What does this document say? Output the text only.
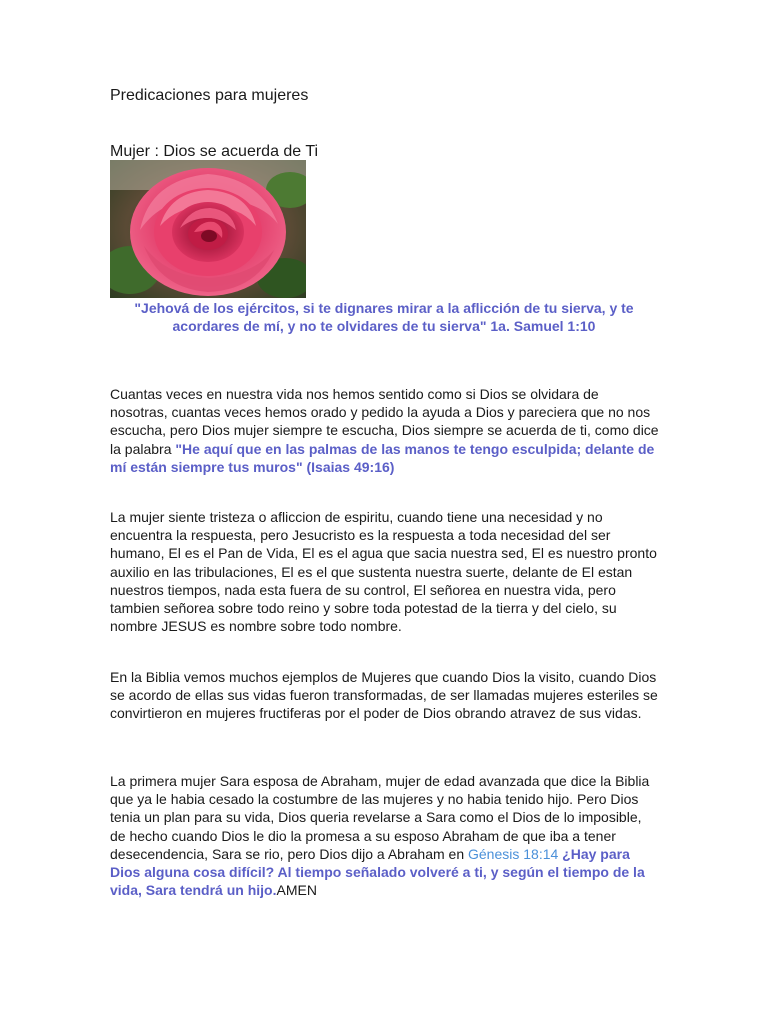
Predicaciones para mujeres
Mujer : Dios se acuerda de Ti
"Jehová de los ejércitos, si te dignares mirar a la aflicción de tu sierva, y te acordares de mí, y no te olvidares de tu sierva" 1a. Samuel 1:10
Cuantas veces en nuestra vida nos hemos sentido como si Dios se olvidara de nosotras, cuantas veces hemos orado y pedido la ayuda a Dios y pareciera que no nos escucha, pero Dios mujer siempre te escucha, Dios siempre se acuerda de ti, como dice la palabra "He aquí que en las palmas de las manos te tengo esculpida; delante de mí están siempre tus muros" (Isaias 49:16)
La mujer siente tristeza o afliccion de espiritu, cuando tiene una necesidad y no encuentra la respuesta, pero Jesucristo es la respuesta a toda necesidad del ser humano, El es el Pan de Vida, El es el agua que sacia nuestra sed, El es nuestro pronto auxilio en las tribulaciones, El es el que sustenta nuestra suerte, delante de El estan nuestros tiempos, nada esta fuera de su control, El señorea en nuestra vida, pero tambien señorea sobre todo reino y sobre toda potestad de la tierra y del cielo, su nombre JESUS es nombre sobre todo nombre.
En la Biblia vemos muchos ejemplos de Mujeres que cuando Dios la visito, cuando Dios se acordo de ellas sus vidas fueron transformadas, de ser llamadas mujeres esteriles se convirtieron en mujeres fructiferas por el poder de Dios obrando atravez de sus vidas.
La primera mujer Sara esposa de Abraham, mujer de edad avanzada que dice la Biblia que ya le habia cesado la costumbre de las mujeres y no habia tenido hijo. Pero Dios tenia un plan para su vida, Dios queria revelarse a Sara como el Dios de lo imposible, de hecho cuando Dios le dio la promesa a su esposo Abraham de que iba a tener desecendencia, Sara se rio, pero Dios dijo a Abraham en Génesis 18:14 ¿Hay para Dios alguna cosa difícil? Al tiempo señalado volveré a ti, y según el tiempo de la vida, Sara tendrá un hijo.AMEN
